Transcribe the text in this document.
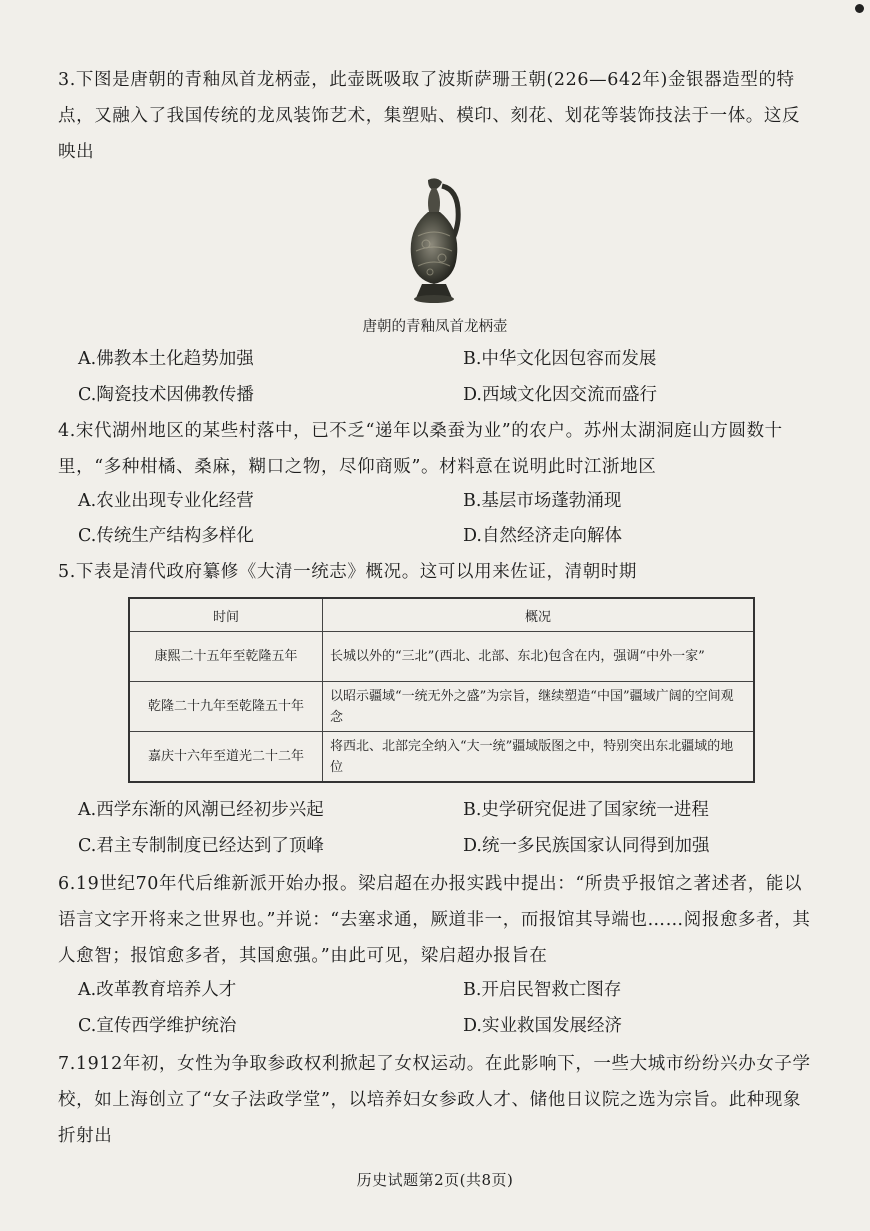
3.下图是唐朝的青釉凤首龙柄壶，此壶既吸取了波斯萨珊王朝(226—642年)金银器造型的特点，又融入了我国传统的龙凤装饰艺术，集塑贴、模印、刻花、划花等装饰技法于一体。这反映出
唐朝的青釉凤首龙柄壶
A.佛教本土化趋势加强	B.中华文化因包容而发展
C.陶瓷技术因佛教传播	D.西域文化因交流而盛行
4.宋代湖州地区的某些村落中，已不乏“递年以桑蚕为业”的农户。苏州太湖洞庭山方圆数十里，“多种柑橘、桑麻，糊口之物，尽仰商贩”。材料意在说明此时江浙地区
A.农业出现专业化经营	B.基层市场蓬勃涌现
C.传统生产结构多样化	D.自然经济走向解体
5.下表是清代政府纂修《大清一统志》概况。这可以用来佐证，清朝时期
时间	概况
康熙二十五年至乾隆五年	长城以外的“三北”(西北、北部、东北)包含在内，强调“中外一家”
乾隆二十九年至乾隆五十年	以昭示疆域“一统无外之盛”为宗旨，继续塑造“中国”疆域广阔的空间观念
嘉庆十六年至道光二十二年	将西北、北部完全纳入“大一统”疆域版图之中，特别突出东北疆域的地位
A.西学东渐的风潮已经初步兴起	B.史学研究促进了国家统一进程
C.君主专制制度已经达到了顶峰	D.统一多民族国家认同得到加强
6.19世纪70年代后维新派开始办报。梁启超在办报实践中提出：“所贵乎报馆之著述者，能以语言文字开将来之世界也。”并说：“去塞求通，厥道非一，而报馆其导端也……阅报愈多者，其人愈智；报馆愈多者，其国愈强。”由此可见，梁启超办报旨在
A.改革教育培养人才	B.开启民智救亡图存
C.宣传西学维护统治	D.实业救国发展经济
7.1912年初，女性为争取参政权利掀起了女权运动。在此影响下，一些大城市纷纷兴办女子学校，如上海创立了“女子法政学堂”，以培养妇女参政人才、储他日议院之选为宗旨。此种现象折射出
历史试题第2页(共8页)
